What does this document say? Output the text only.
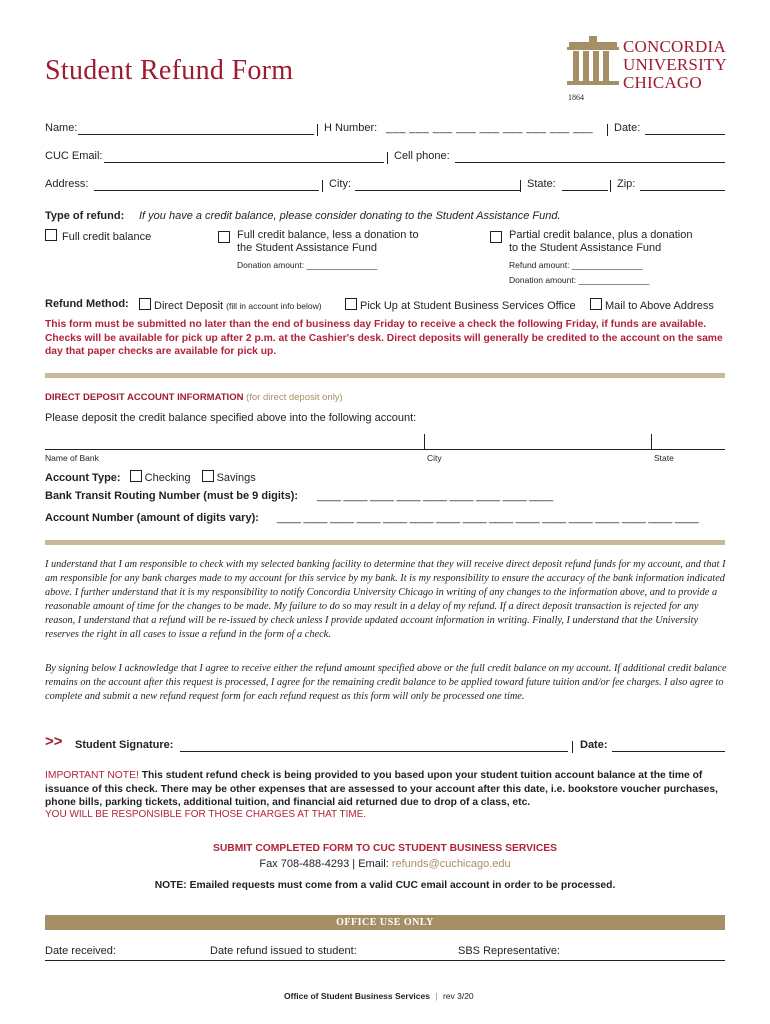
Student Refund Form
CONCORDIA
UNIVERSITY
CHICAGO
1864
Name:	H Number: ___ ___ ___ ___ ___ ___ ___ ___ ___ Date:
CUC Email:	Cell phone:
Address:	City:	State:	Zip:
Type of refund: If you have a credit balance, please consider donating to the Student Assistance Fund.
Full credit balance	Full credit balance, less a donation to
the Student Assistance Fund
Donation amount: _______________
Partial credit balance, plus a donation
to the Student Assistance Fund
Refund amount: _______________
Donation amount: _______________
Refund Method:	Direct Deposit (fill in account info below)	Pick Up at Student Business Services Office	Mail to Above Address
This form must be submitted no later than the end of business day Friday to receive a check the following Friday, if funds are available. Checks will be available for pick up after 2 p.m. at the Cashier's desk. Direct deposits will generally be credited to the account on the same day that paper checks are available for pick up.
DIRECT DEPOSIT ACCOUNT INFORMATION (for direct deposit only)
Please deposit the credit balance specified above into the following account:
Name of Bank	City	State
Account Type: Checking Savings
Bank Transit Routing Number (must be 9 digits): ____ ____ ____ ____ ____ ____ ____ ____ ____
Account Number (amount of digits vary): ____ ____ ____ ____ ____ ____ ____ ____ ____ ____ ____ ____ ____ ____ ____ ____
I understand that I am responsible to check with my selected banking facility to determine that they will receive direct deposit refund funds for my account, and that I am responsible for any bank charges made to my account for this service by my bank. It is my responsibility to ensure the accuracy of the bank information indicated above. I further understand that it is my responsibility to notify Concordia University Chicago in writing of any changes to the information above, and to provide a reasonable amount of time for the changes to be made. My failure to do so may result in a delay of my refund. If a direct deposit transaction is rejected for any reason, I understand that a refund will be re-issued by check unless I provide updated account information in writing. Finally, I understand that the University reserves the right in all cases to issue a refund in the form of a check.
By signing below I acknowledge that I agree to receive either the refund amount specified above or the full credit balance on my account. If additional credit balance remains on the account after this request is processed, I agree for the remaining credit balance to be applied toward future tuition and/or fee charges. I also agree to complete and submit a new refund request form for each refund request as this form will only be processed one time.
>> Student Signature:	Date:
IMPORTANT NOTE! This student refund check is being provided to you based upon your student tuition account balance at the time of issuance of this check. There may be other expenses that are assessed to your account after this date, i.e. bookstore voucher purchases, phone bills, parking tickets, additional tuition, and financial aid returned due to drop of a class, etc.
YOU WILL BE RESPONSIBLE FOR THOSE CHARGES AT THAT TIME.
SUBMIT COMPLETED FORM TO CUC STUDENT BUSINESS SERVICES
Fax 708-488-4293 | Email: refunds@cuchicago.edu
NOTE: Emailed requests must come from a valid CUC email account in order to be processed.
OFFICE USE ONLY
Date received:	Date refund issued to student:	SBS Representative:
Office of Student Business Services | rev 3/20
